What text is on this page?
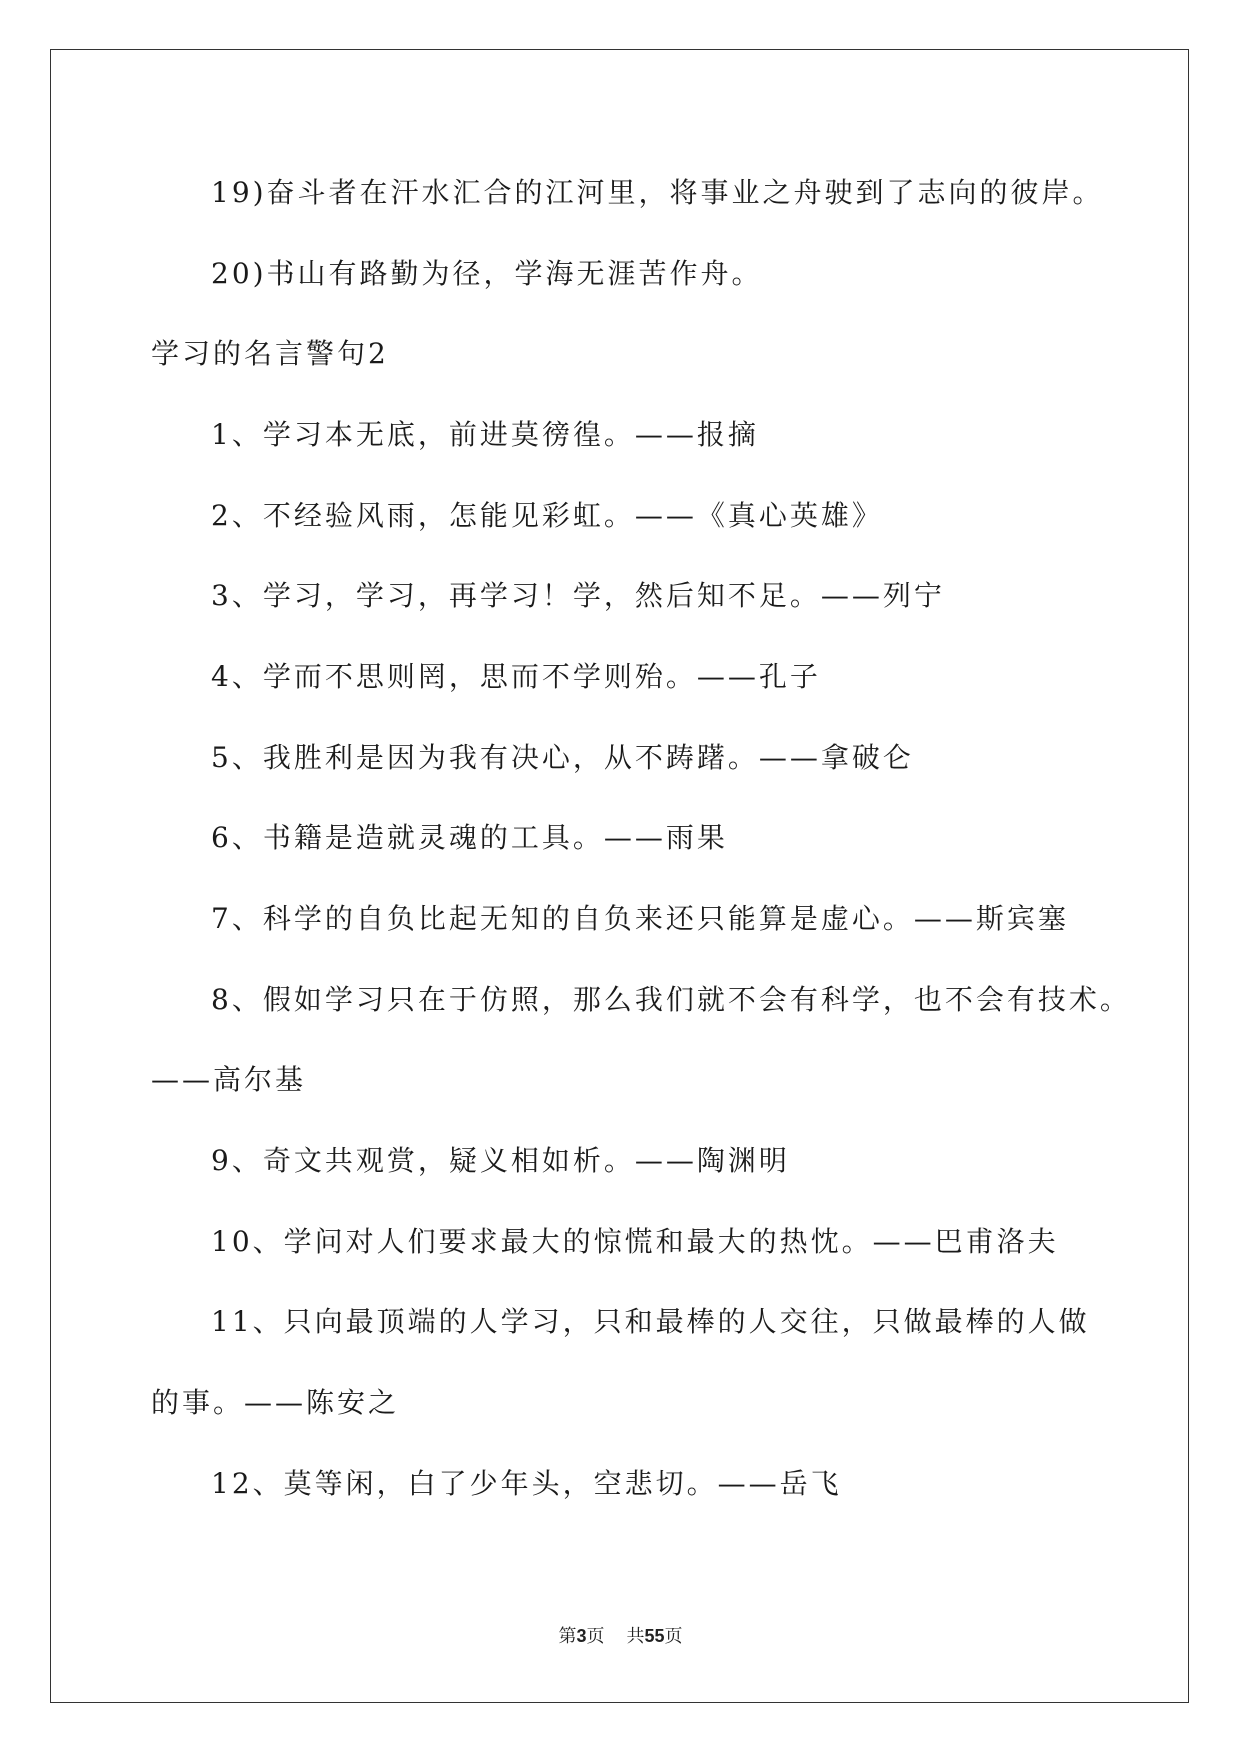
19)奋斗者在汗水汇合的江河里，将事业之舟驶到了志向的彼岸。
20)书山有路勤为径，学海无涯苦作舟。
学习的名言警句2
1、学习本无底，前进莫徬徨。——报摘
2、不经验风雨，怎能见彩虹。——《真心英雄》
3、学习，学习，再学习！学，然后知不足。——列宁
4、学而不思则罔，思而不学则殆。——孔子
5、我胜利是因为我有决心，从不踌躇。——拿破仑
6、书籍是造就灵魂的工具。——雨果
7、科学的自负比起无知的自负来还只能算是虚心。——斯宾塞
8、假如学习只在于仿照，那么我们就不会有科学，也不会有技术。
——高尔基
9、奇文共观赏，疑义相如析。——陶渊明
10、学问对人们要求最大的惊慌和最大的热忱。——巴甫洛夫
11、只向最顶端的人学习，只和最棒的人交往，只做最棒的人做
的事。——陈安之
12、莫等闲，白了少年头，空悲切。——岳飞
第3页 共55页
